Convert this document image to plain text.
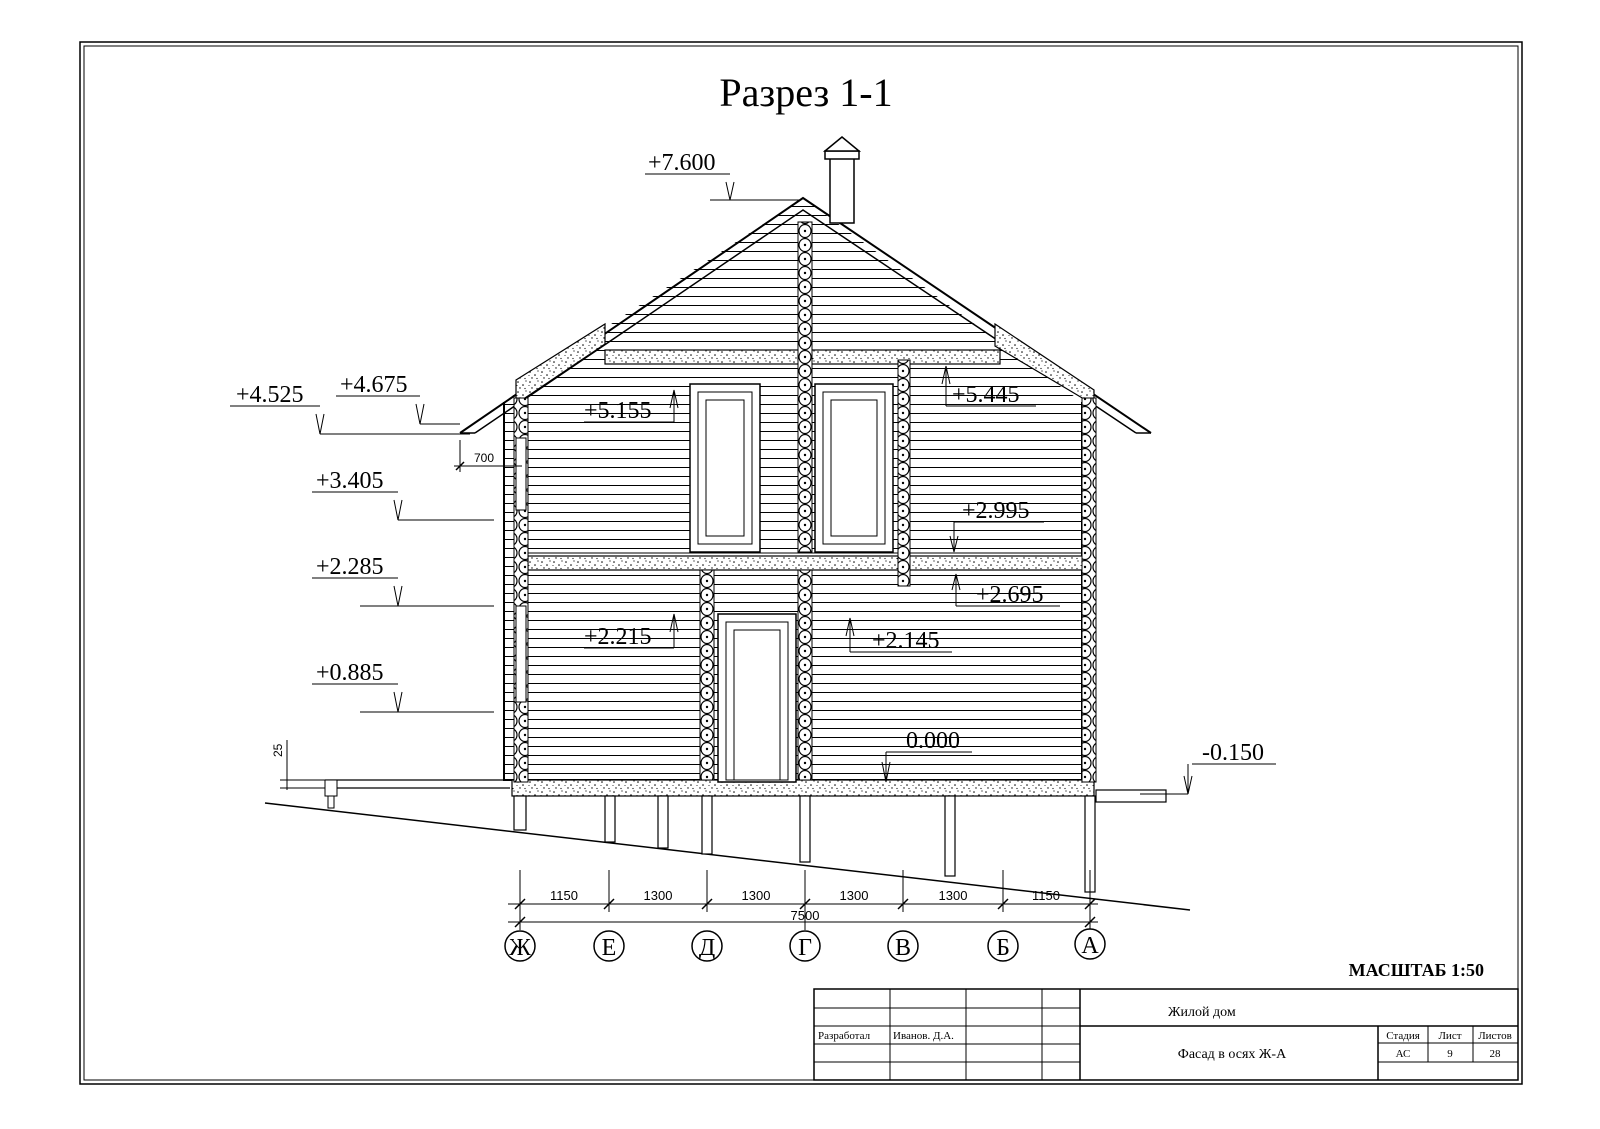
Разрез 1-1
+4.525 +4.675
+3.405
+2.285
+0.885
700
25
+7.600
+5.155
+5.445
+2.995
+2.695
+2.215	+2.145
0.000	-0.150
1150	1300	1300	1300	1300	1150
7500
Ж	Е	Д	Г	В	Б	А
МАСШТАБ 1:50
Жилой дом
Разработал Иванов. Д.А.
Фасад в осях Ж-А
Стадия Лист Листов
АС	9	28
